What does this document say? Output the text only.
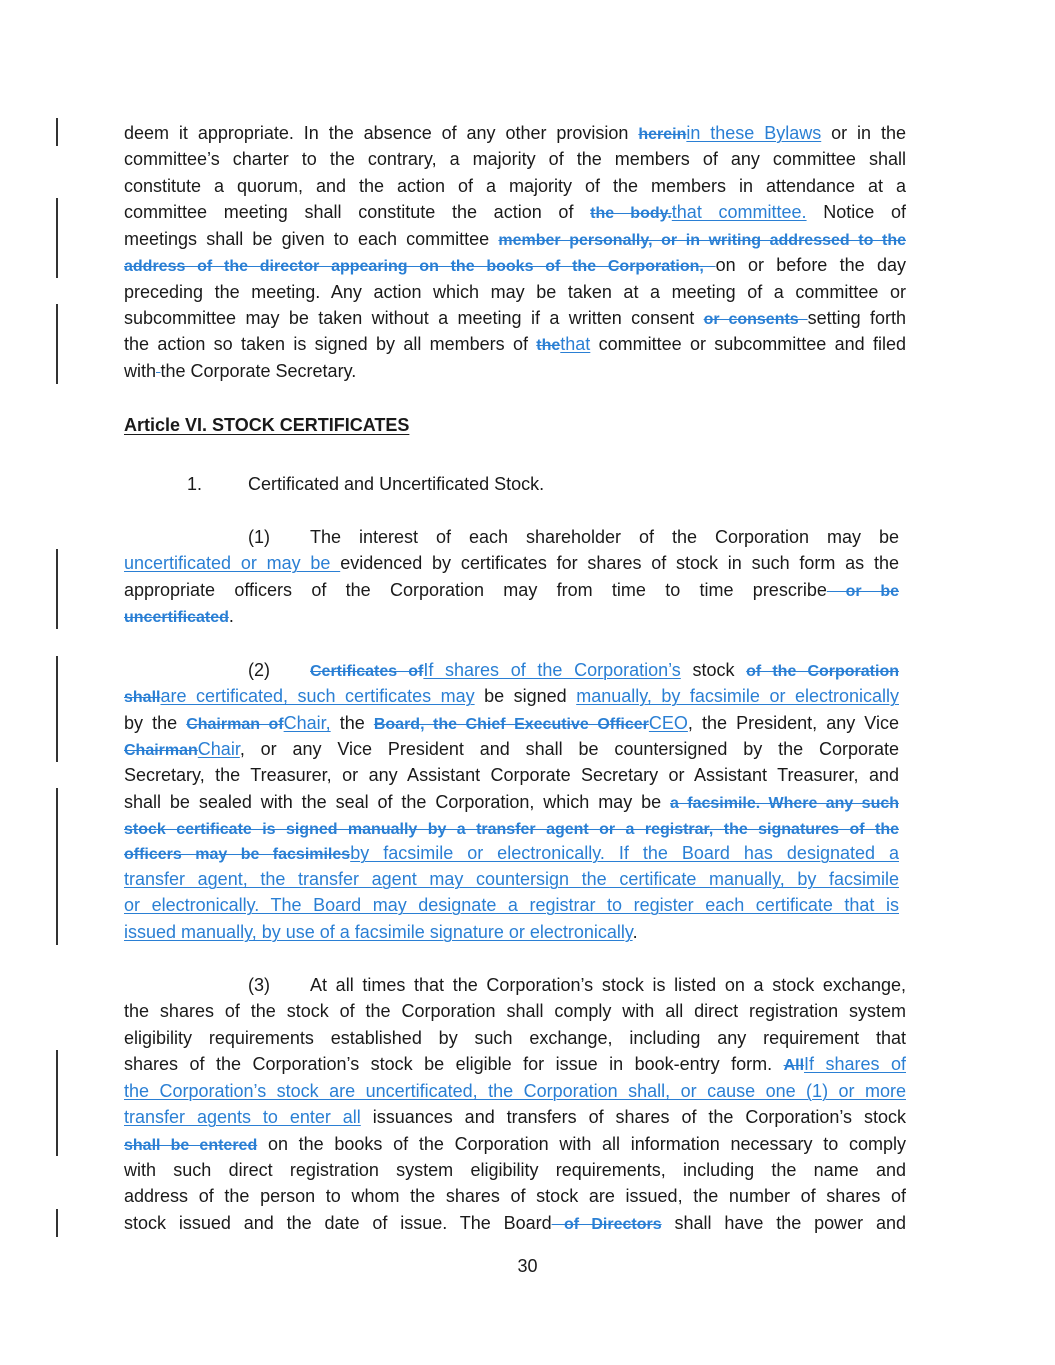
deem it appropriate. In the absence of any other provision hereinin these Bylaws or in the
committee’s charter to the contrary, a majority of the members of any committee shall
constitute a quorum, and the action of a majority of the members in attendance at a
committee meeting shall constitute the action of the body.that committee. Notice of
meetings shall be given to each committee member personally, or in writing addressed to the
address of the director appearing on the books of the Corporation, on or before the day
preceding the meeting. Any action which may be taken at a meeting of a committee or
subcommittee may be taken without a meeting if a written consent or consents setting forth
the action so taken is signed by all members of thethat committee or subcommittee and filed
with the Corporate Secretary.
Article VI. STOCK CERTIFICATES
1.	Certificated and Uncertificated Stock.
(1) The interest of each shareholder of the Corporation may be
uncertificated or may be evidenced by certificates for shares of stock in such form as the
appropriate officers of the Corporation may from time to time prescribe or be
uncertificated.
(2)	Certificates ofIf shares of the Corporation’s stock of the Corporation
shallare certificated, such certificates may be signed manually, by facsimile or electronically
by the Chairman ofChair, the Board, the Chief Executive OfficerCEO, the President, any Vice
ChairmanChair, or any Vice President and shall be countersigned by the Corporate
Secretary, the Treasurer, or any Assistant Corporate Secretary or Assistant Treasurer, and
shall be sealed with the seal of the Corporation, which may be a facsimile. Where any such
stock certificate is signed manually by a transfer agent or a registrar, the signatures of the
officers may be facsimilesby facsimile or electronically. If the Board has designated a
transfer agent, the transfer agent may countersign the certificate manually, by facsimile
or electronically. The Board may designate a registrar to register each certificate that is
issued manually, by use of a facsimile signature or electronically.
(3) At all times that the Corporation’s stock is listed on a stock exchange,
the shares of the stock of the Corporation shall comply with all direct registration system
eligibility requirements established by such exchange, including any requirement that
shares of the Corporation’s stock be eligible for issue in book-entry form. AllIf shares of
the Corporation’s stock are uncertificated, the Corporation shall, or cause one (1) or more
transfer agents to enter all issuances and transfers of shares of the Corporation’s stock
shall be entered on the books of the Corporation with all information necessary to comply
with such direct registration system eligibility requirements, including the name and
address of the person to whom the shares of stock are issued, the number of shares of
stock issued and the date of issue. The Board of Directors shall have the power and
30
